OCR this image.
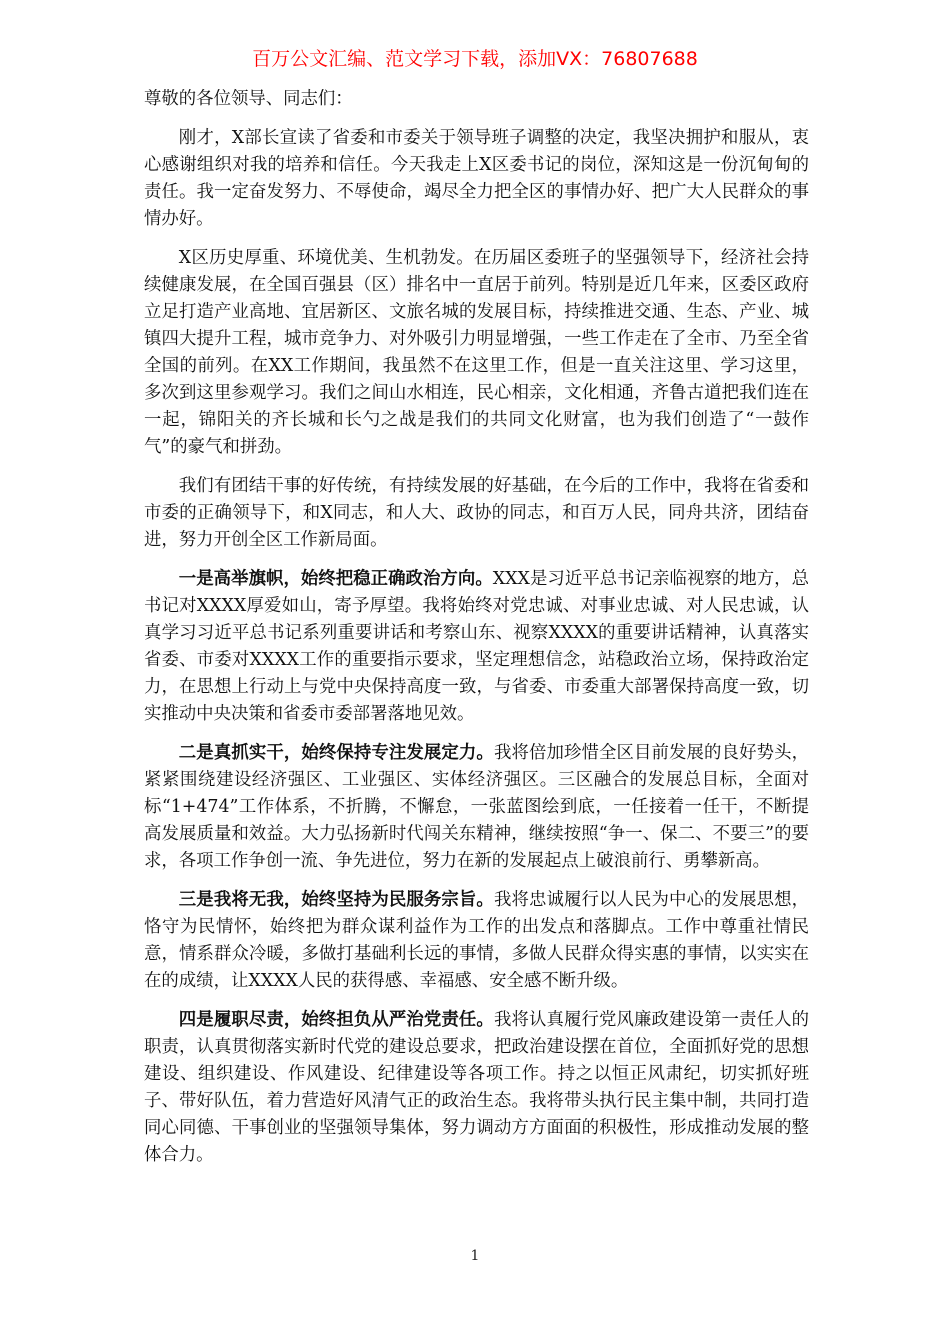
百万公文汇编、范文学习下载，添加VX：76807688

尊敬的各位领导、同志们：

刚才，X部长宣读了省委和市委关于领导班子调整的决定，我坚决拥护和服从，衷心感谢组织对我的培养和信任。今天我走上X区委书记的岗位，深知这是一份沉甸甸的责任。我一定奋发努力、不辱使命，竭尽全力把全区的事情办好、把广大人民群众的事情办好。

X区历史厚重、环境优美、生机勃发。在历届区委班子的坚强领导下，经济社会持续健康发展，在全国百强县（区）排名中一直居于前列。特别是近几年来，区委区政府立足打造产业高地、宜居新区、文旅名城的发展目标，持续推进交通、生态、产业、城镇四大提升工程，城市竞争力、对外吸引力明显增强，一些工作走在了全市、乃至全省全国的前列。在XX工作期间，我虽然不在这里工作，但是一直关注这里、学习这里，多次到这里参观学习。我们之间山水相连，民心相亲，文化相通，齐鲁古道把我们连在一起，锦阳关的齐长城和长勺之战是我们的共同文化财富，也为我们创造了“一鼓作气”的豪气和拼劲。

我们有团结干事的好传统，有持续发展的好基础，在今后的工作中，我将在省委和市委的正确领导下，和X同志，和人大、政协的同志，和百万人民，同舟共济，团结奋进，努力开创全区工作新局面。

一是高举旗帜，始终把稳正确政治方向。XXX是习近平总书记亲临视察的地方，总书记对XXXX厚爱如山，寄予厚望。我将始终对党忠诚、对事业忠诚、对人民忠诚，认真学习习近平总书记系列重要讲话和考察山东、视察XXXX的重要讲话精神，认真落实省委、市委对XXXX工作的重要指示要求，坚定理想信念，站稳政治立场，保持政治定力，在思想上行动上与党中央保持高度一致，与省委、市委重大部署保持高度一致，切实推动中央决策和省委市委部署落地见效。

二是真抓实干，始终保持专注发展定力。我将倍加珍惜全区目前发展的良好势头，紧紧围绕建设经济强区、工业强区、实体经济强区。三区融合的发展总目标，全面对标“1+474”工作体系，不折腾，不懈怠，一张蓝图绘到底，一任接着一任干，不断提高发展质量和效益。大力弘扬新时代闯关东精神，继续按照“争一、保二、不要三”的要求，各项工作争创一流、争先进位，努力在新的发展起点上破浪前行、勇攀新高。

三是我将无我，始终坚持为民服务宗旨。我将忠诚履行以人民为中心的发展思想，恪守为民情怀，始终把为群众谋利益作为工作的出发点和落脚点。工作中尊重社情民意，情系群众冷暖，多做打基础利长远的事情，多做人民群众得实惠的事情，以实实在在的成绩，让XXXX人民的获得感、幸福感、安全感不断升级。

四是履职尽责，始终担负从严治党责任。我将认真履行党风廉政建设第一责任人的职责，认真贯彻落实新时代党的建设总要求，把政治建设摆在首位，全面抓好党的思想建设、组织建设、作风建设、纪律建设等各项工作。持之以恒正风肃纪，切实抓好班子、带好队伍，着力营造好风清气正的政治生态。我将带头执行民主集中制，共同打造同心同德、干事创业的坚强领导集体，努力调动方方面面的积极性，形成推动发展的整体合力。

1
